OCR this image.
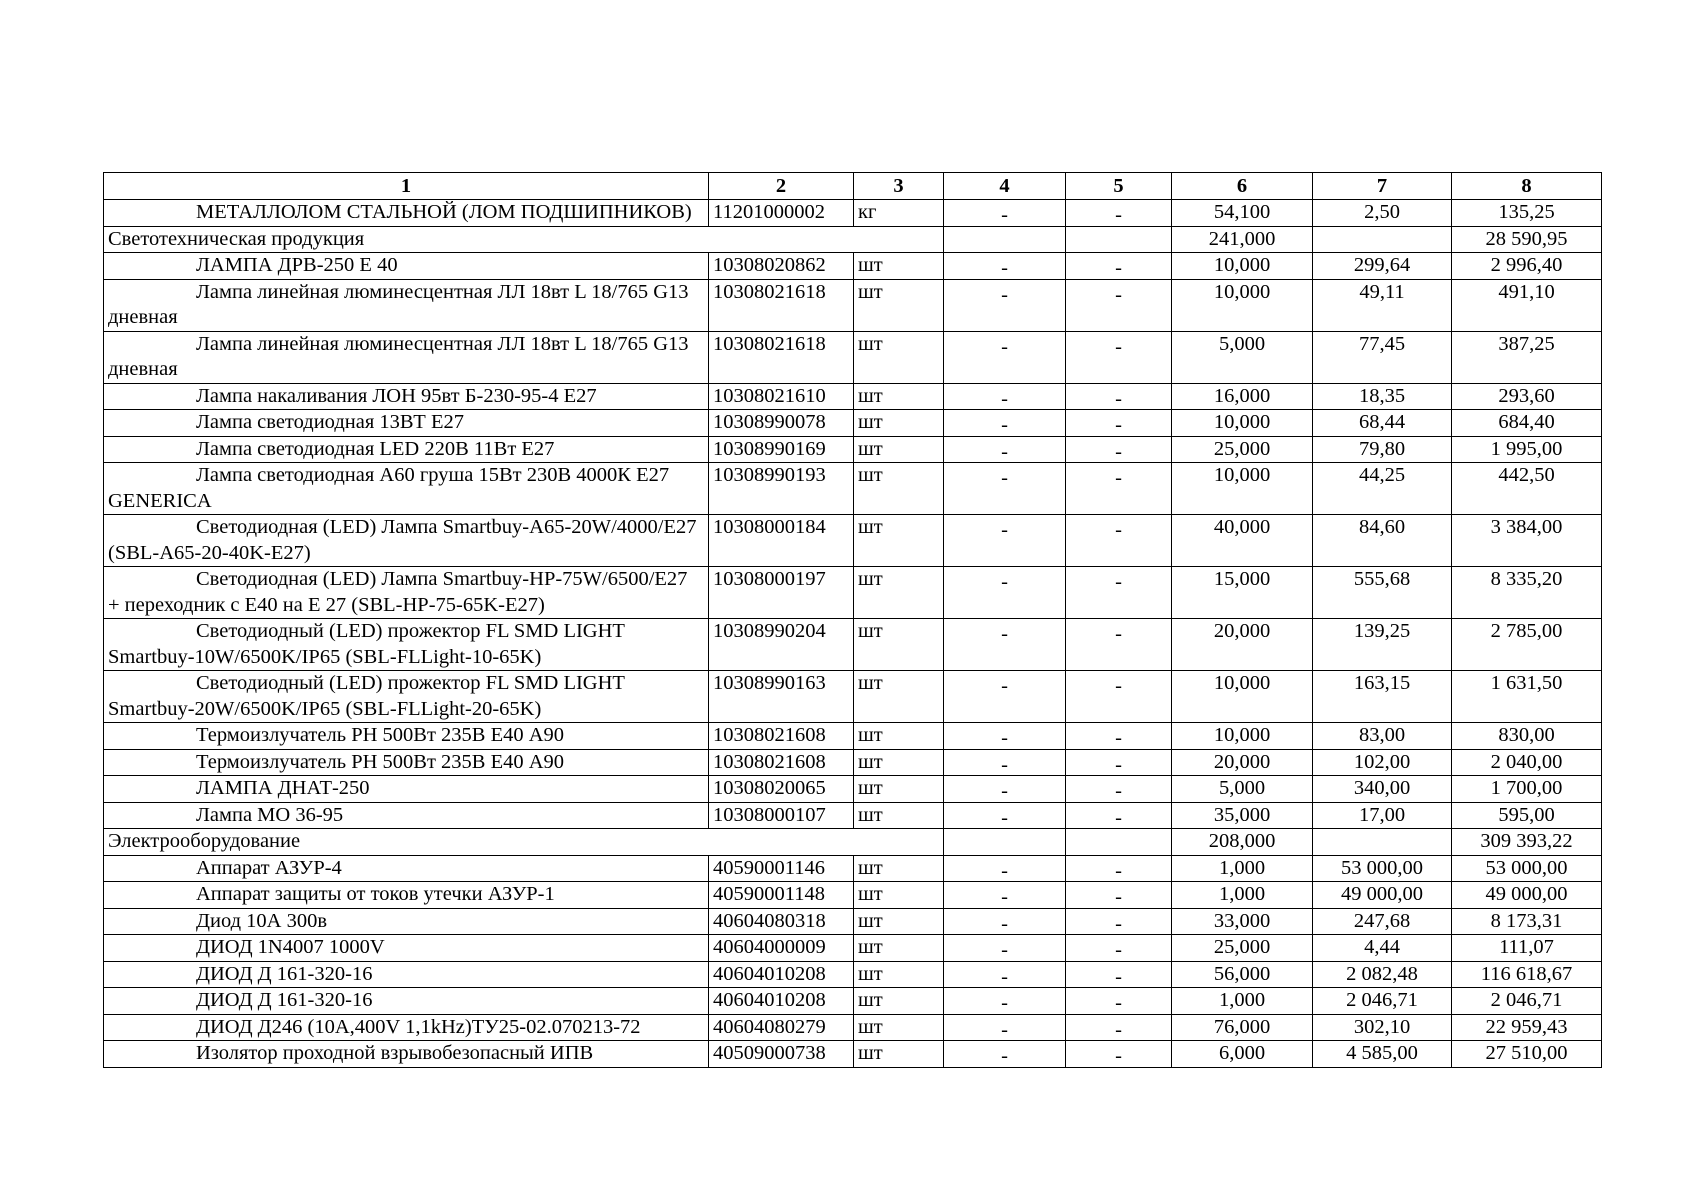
1	2	3	4	5	6	7	8
МЕТАЛЛОЛОМ СТАЛЬНОЙ (ЛОМ ПОДШИПНИКОВ)	11201000002	кг	-	-	54,100	2,50	135,25
Светотехническая продукция					241,000		28 590,95
ЛАМПА ДРВ-250 Е 40	10308020862	шт	-	-	10,000	299,64	2 996,40
Лампа линейная люминесцентная ЛЛ 18вт L 18/765 G13 дневная	10308021618	шт	-	-	10,000	49,11	491,10
Лампа линейная люминесцентная ЛЛ 18вт L 18/765 G13 дневная	10308021618	шт	-	-	5,000	77,45	387,25
Лампа накаливания ЛОН 95вт Б-230-95-4 Е27	10308021610	шт	-	-	16,000	18,35	293,60
Лампа светодиодная 13ВТ Е27	10308990078	шт	-	-	10,000	68,44	684,40
Лампа светодиодная LED 220В 11Вт Е27	10308990169	шт	-	-	25,000	79,80	1 995,00
Лампа светодиодная А60 груша 15Вт 230В 4000К Е27 GENERICA	10308990193	шт	-	-	10,000	44,25	442,50
Светодиодная (LED) Лампа Smartbuy-A65-20W/4000/E27 (SBL-A65-20-40K-E27)	10308000184	шт	-	-	40,000	84,60	3 384,00
Светодиодная (LED) Лампа Smartbuy-HP-75W/6500/E27 + переходник с Е40 на Е 27 (SBL-HP-75-65K-E27)	10308000197	шт	-	-	15,000	555,68	8 335,20
Светодиодный (LED) прожектор FL SMD LIGHT Smartbuy-10W/6500K/IP65 (SBL-FLLight-10-65K)	10308990204	шт	-	-	20,000	139,25	2 785,00
Светодиодный (LED) прожектор FL SMD LIGHT Smartbuy-20W/6500K/IP65 (SBL-FLLight-20-65K)	10308990163	шт	-	-	10,000	163,15	1 631,50
Термоизлучатель РН 500Вт 235В Е40 А90	10308021608	шт	-	-	10,000	83,00	830,00
Термоизлучатель РН 500Вт 235В Е40 А90	10308021608	шт	-	-	20,000	102,00	2 040,00
ЛАМПА ДНАТ-250	10308020065	шт	-	-	5,000	340,00	1 700,00
Лампа МО 36-95	10308000107	шт	-	-	35,000	17,00	595,00
Электрооборудование					208,000		309 393,22
Аппарат АЗУР-4	40590001146	шт	-	-	1,000	53 000,00	53 000,00
Аппарат защиты от токов утечки АЗУР-1	40590001148	шт	-	-	1,000	49 000,00	49 000,00
Диод 10А 300в	40604080318	шт	-	-	33,000	247,68	8 173,31
ДИОД 1N4007 1000V	40604000009	шт	-	-	25,000	4,44	111,07
ДИОД Д 161-320-16	40604010208	шт	-	-	56,000	2 082,48	116 618,67
ДИОД Д 161-320-16	40604010208	шт	-	-	1,000	2 046,71	2 046,71
ДИОД Д246 (10А,400V 1,1kHz)ТУ25-02.070213-72	40604080279	шт	-	-	76,000	302,10	22 959,43
Изолятор проходной взрывобезопасный ИПВ	40509000738	шт	-	-	6,000	4 585,00	27 510,00
